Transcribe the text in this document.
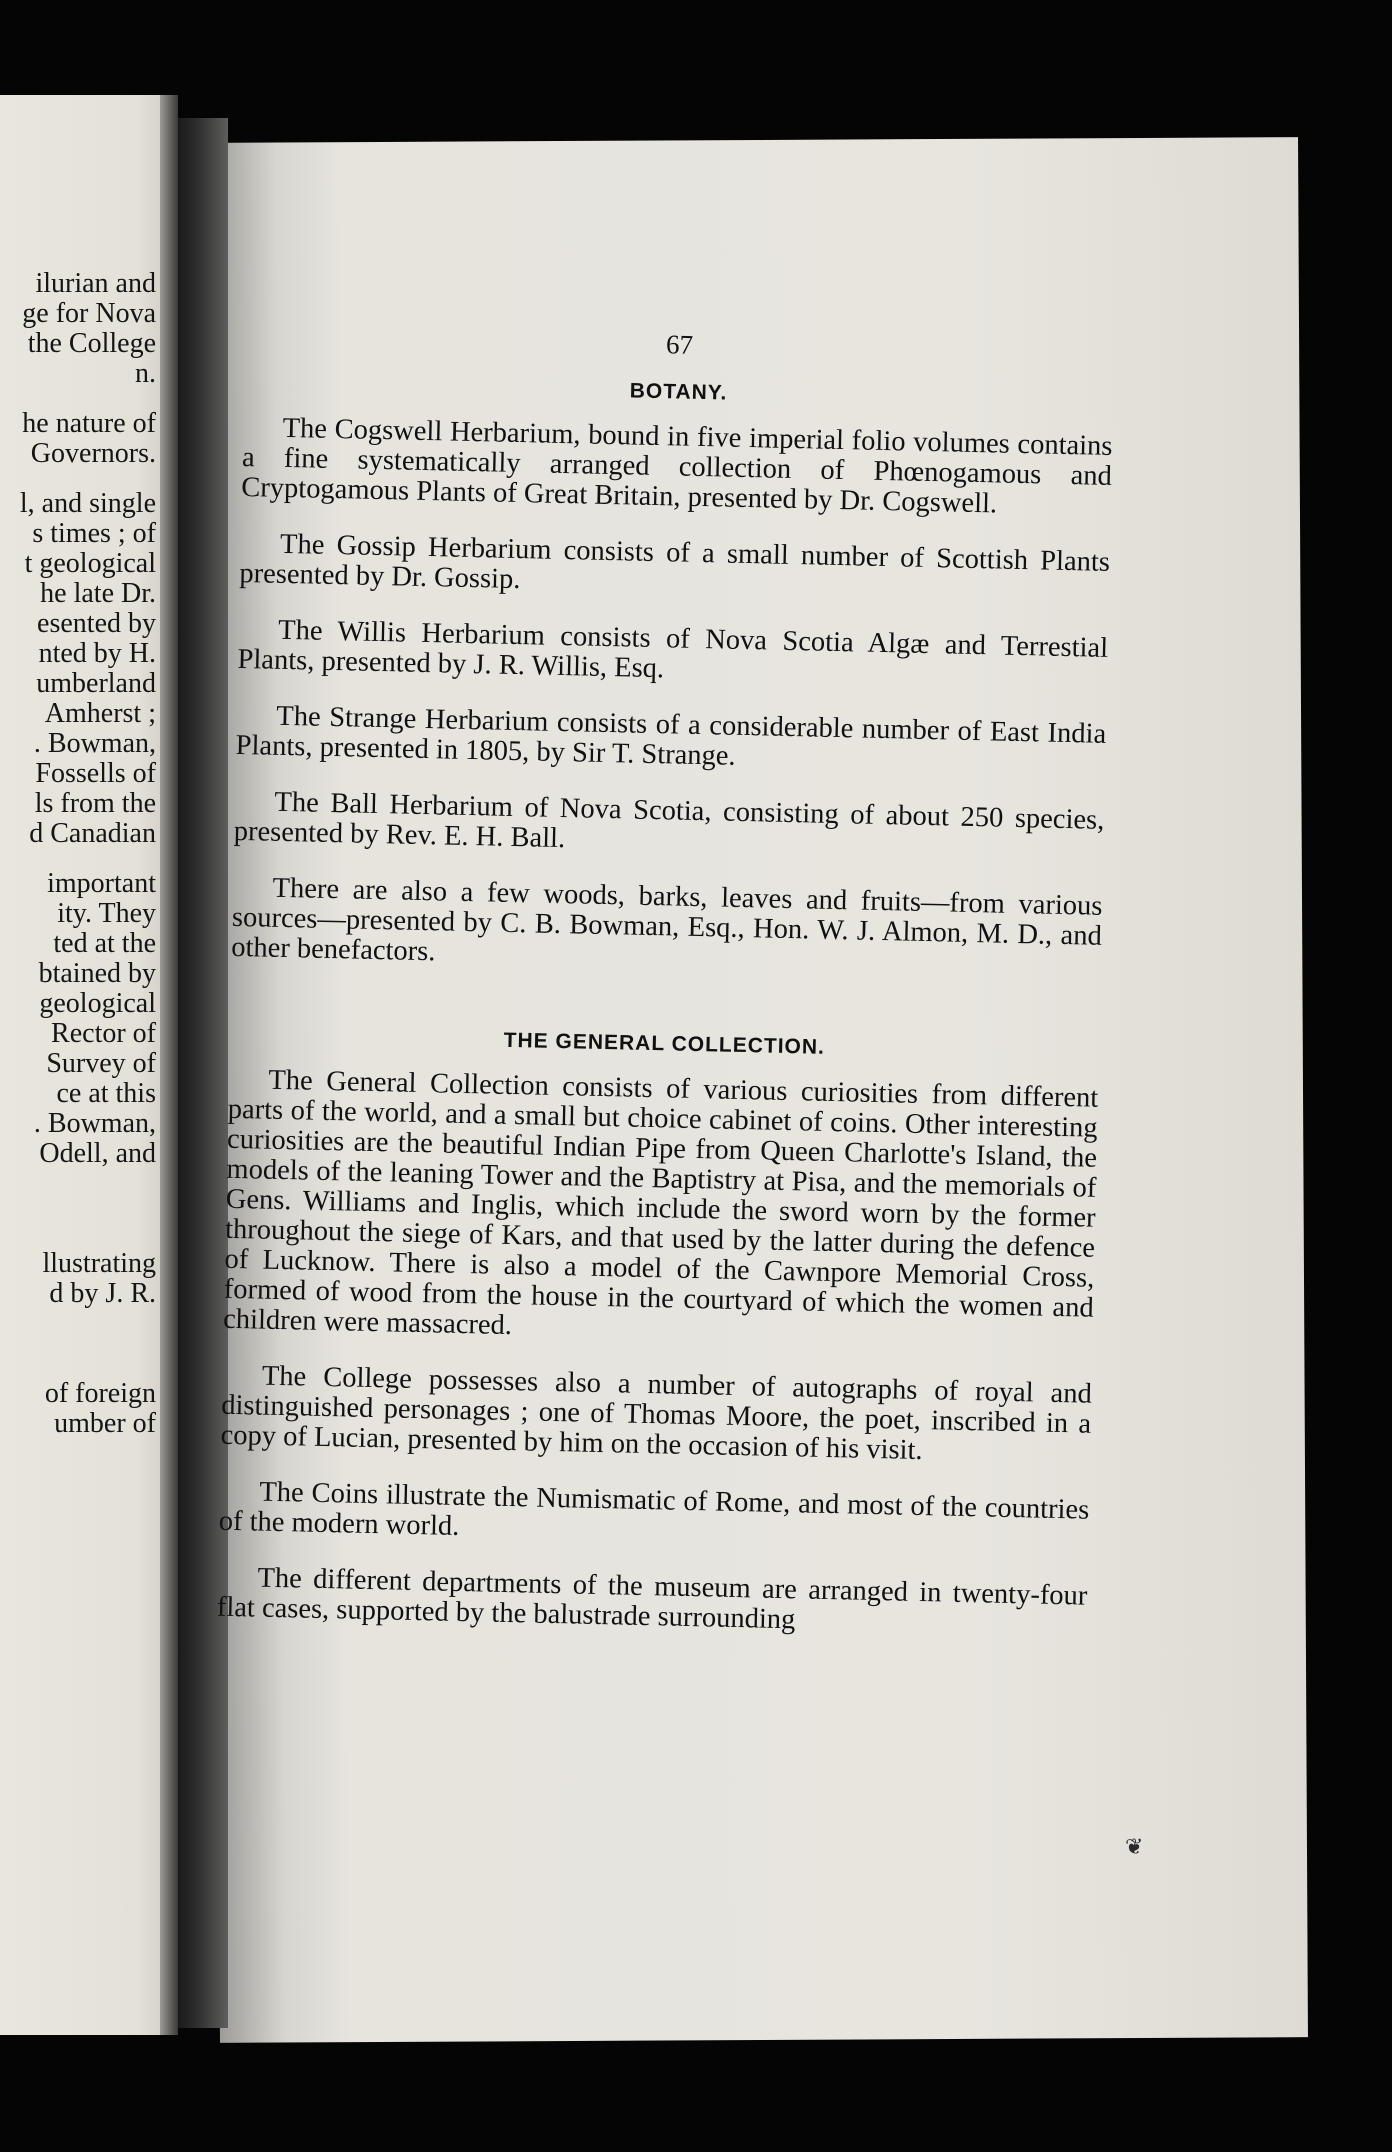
ilurian and
ge for Nova
the College
n.
he nature of
Governors.
l, and single
s times ; of
t geological
he late Dr.
esented by
nted by H.
umberland
Amherst ;
. Bowman,
Fossells of
ls from the
d Canadian
important
ity. They
ted at the
btained by
geological
Rector of
Survey of
ce at this
. Bowman,
Odell, and
llustrating
d by J. R.
of foreign
umber of
67
BOTANY.

The Cogswell Herbarium, bound in five imperial folio volumes contains a fine systematically arranged collection of Phœnogamous and Cryptogamous Plants of Great Britain, presented by Dr. Cogswell.

The Gossip Herbarium consists of a small number of Scottish Plants presented by Dr. Gossip.

The Willis Herbarium consists of Nova Scotia Algæ and Terrestial Plants, presented by J. R. Willis, Esq.

The Strange Herbarium consists of a considerable number of East India Plants, presented in 1805, by Sir T. Strange.

The Ball Herbarium of Nova Scotia, consisting of about 250 species, presented by Rev. E. H. Ball.

There are also a few woods, barks, leaves and fruits—from various sources—presented by C. B. Bowman, Esq., Hon. W. J. Almon, M. D., and other benefactors.

THE GENERAL COLLECTION.

The General Collection consists of various curiosities from different parts of the world, and a small but choice cabinet of coins. Other interesting curiosities are the beautiful Indian Pipe from Queen Charlotte's Island, the models of the leaning Tower and the Baptistry at Pisa, and the memorials of Gens. Williams and Inglis, which include the sword worn by the former throughout the siege of Kars, and that used by the latter during the defence of Lucknow. There is also a model of the Cawnpore Memorial Cross, formed of wood from the house in the courtyard of which the women and children were massacred.

The College possesses also a number of autographs of royal and distinguished personages ; one of Thomas Moore, the poet, inscribed in a copy of Lucian, presented by him on the occasion of his visit.

The Coins illustrate the Numismatic of Rome, and most of the countries of the modern world.

The different departments of the museum are arranged in twenty-four flat cases, supported by the balustrade surrounding

❦
